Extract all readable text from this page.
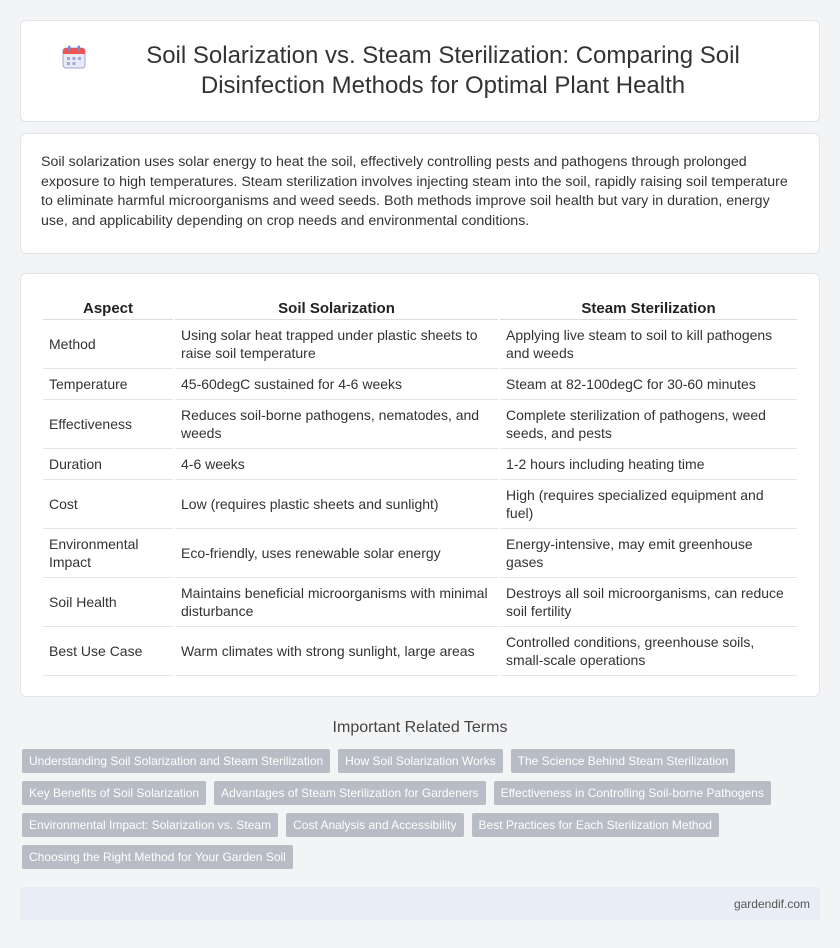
Soil Solarization vs. Steam Sterilization: Comparing Soil Disinfection Methods for Optimal Plant Health

Soil solarization uses solar energy to heat the soil, effectively controlling pests and pathogens through prolonged exposure to high temperatures. Steam sterilization involves injecting steam into the soil, rapidly raising soil temperature to eliminate harmful microorganisms and weed seeds. Both methods improve soil health but vary in duration, energy use, and applicability depending on crop needs and environmental conditions.

Aspect	Soil Solarization	Steam Sterilization
Method	Using solar heat trapped under plastic sheets to raise soil temperature	Applying live steam to soil to kill pathogens and weeds
Temperature	45-60degC sustained for 4-6 weeks	Steam at 82-100degC for 30-60 minutes
Effectiveness	Reduces soil-borne pathogens, nematodes, and weeds	Complete sterilization of pathogens, weed seeds, and pests
Duration	4-6 weeks	1-2 hours including heating time
Cost	Low (requires plastic sheets and sunlight)	High (requires specialized equipment and fuel)
Environmental Impact	Eco-friendly, uses renewable solar energy	Energy-intensive, may emit greenhouse gases
Soil Health	Maintains beneficial microorganisms with minimal disturbance	Destroys all soil microorganisms, can reduce soil fertility
Best Use Case	Warm climates with strong sunlight, large areas	Controlled conditions, greenhouse soils, small-scale operations
Important Related Terms
Understanding Soil Solarization and Steam Sterilization	How Soil Solarization Works	The Science Behind Steam Sterilization
Key Benefits of Soil Solarization	Advantages of Steam Sterilization for Gardeners	Effectiveness in Controlling Soil-borne Pathogens
Environmental Impact: Solarization vs. Steam	Cost Analysis and Accessibility	Best Practices for Each Sterilization Method
Choosing the Right Method for Your Garden Soil
gardendif.com
